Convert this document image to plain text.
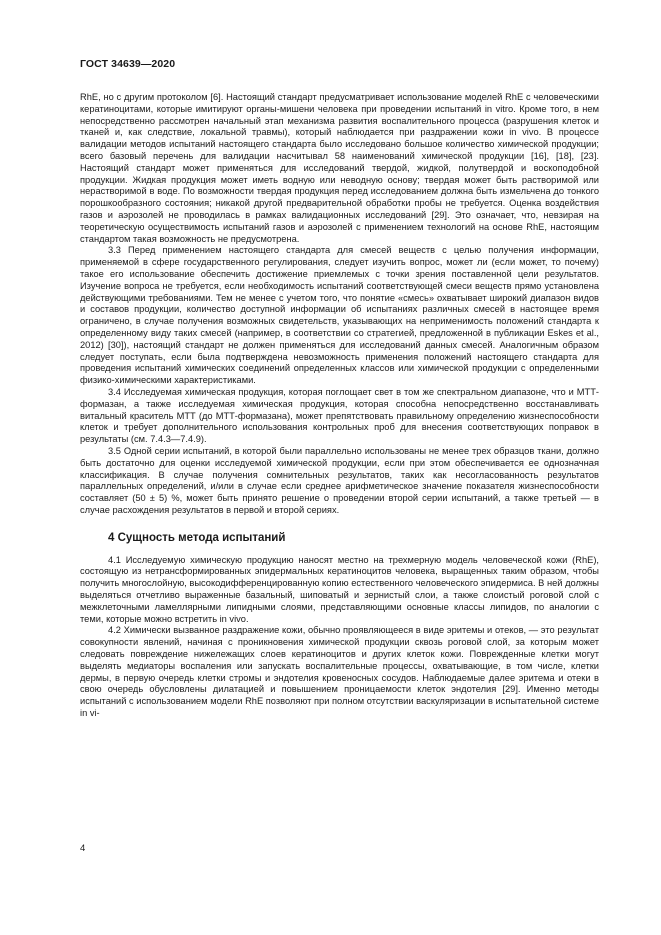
ГОСТ 34639—2020

RhE, но с другим протоколом [6]. Настоящий стандарт предусматривает использование моделей RhE с человеческими кератиноцитами, которые имитируют органы-мишени человека при проведении испытаний in vitro. Кроме того, в нем непосредственно рассмотрен начальный этап механизма развития воспалительного процесса (разрушения клеток и тканей и, как следствие, локальной травмы), который наблюдается при раздражении кожи in vivo. В процессе валидации методов испытаний настоящего стандарта было исследовано большое количество химической продукции; всего базовый перечень для валидации насчитывал 58 наименований химической продукции [16], [18], [23]. Настоящий стандарт может применяться для исследований твердой, жидкой, полутвердой и воскоподобной продукции. Жидкая продукция может иметь водную или неводную основу; твердая может быть растворимой или нерастворимой в воде. По возможности твердая продукция перед исследованием должна быть измельчена до тонкого порошкообразного состояния; никакой другой предварительной обработки пробы не требуется. Оценка воздействия газов и аэрозолей не проводилась в рамках валидационных исследований [29]. Это означает, что, невзирая на теоретическую осуществимость испытаний газов и аэрозолей с применением технологий на основе RhE, настоящим стандартом такая возможность не предусмотрена.

3.3 Перед применением настоящего стандарта для смесей веществ с целью получения информации, применяемой в сфере государственного регулирования, следует изучить вопрос, может ли (если может, то почему) такое его использование обеспечить достижение приемлемых с точки зрения поставленной цели результатов. Изучение вопроса не требуется, если необходимость испытаний соответствующей смеси веществ прямо установлена действующими требованиями. Тем не менее с учетом того, что понятие «смесь» охватывает широкий диапазон видов и составов продукции, количество доступной информации об испытаниях различных смесей в настоящее время ограничено, в случае получения возможных свидетельств, указывающих на неприменимость положений стандарта к определенному виду таких смесей (например, в соответствии со стратегией, предложенной в публикации Eskes et al., 2012) [30]), настоящий стандарт не должен применяться для исследований данных смесей. Аналогичным образом следует поступать, если была подтверждена невозможность применения положений настоящего стандарта для проведения испытаний химических соединений определенных классов или химической продукции с определенными физико-химическими характеристиками.

3.4 Исследуемая химическая продукция, которая поглощает свет в том же спектральном диапазоне, что и МТТ-формазан, а также исследуемая химическая продукция, которая способна непосредственно восстанавливать витальный краситель МТТ (до МТТ-формазана), может препятствовать правильному определению жизнеспособности клеток и требует дополнительного использования контрольных проб для внесения соответствующих поправок в результаты (см. 7.4.3—7.4.9).

3.5 Одной серии испытаний, в которой были параллельно использованы не менее трех образцов ткани, должно быть достаточно для оценки исследуемой химической продукции, если при этом обеспечивается ее однозначная классификация. В случае получения сомнительных результатов, таких как несогласованность результатов параллельных определений, и/или в случае если среднее арифметическое значение показателя жизнеспособности составляет (50 ± 5) %, может быть принято решение о проведении второй серии испытаний, а также третьей — в случае расхождения результатов в первой и второй сериях.

4 Сущность метода испытаний

4.1 Исследуемую химическую продукцию наносят местно на трехмерную модель человеческой кожи (RhE), состоящую из нетрансформированных эпидермальных кератиноцитов человека, выращенных таким образом, чтобы получить многослойную, высокодифференцированную копию естественного человеческого эпидермиса. В ней должны выделяться отчетливо выраженные базальный, шиповатый и зернистый слои, а также слоистый роговой слой с межклеточными ламеллярными липидными слоями, представляющими основные классы липидов, по аналогии с теми, которые можно встретить in vivo.

4.2 Химически вызванное раздражение кожи, обычно проявляющееся в виде эритемы и отеков, — это результат совокупности явлений, начиная с проникновения химической продукции сквозь роговой слой, за которым может следовать повреждение нижележащих слоев кератиноцитов и других клеток кожи. Поврежденные клетки могут выделять медиаторы воспаления или запускать воспалительные процессы, охватывающие, в том числе, клетки дермы, в первую очередь клетки стромы и эндотелия кровеносных сосудов. Наблюдаемые далее эритема и отеки в свою очередь обусловлены дилатацией и повышением проницаемости клеток эндотелия [29]. Именно методы испытаний с использованием модели RhE позволяют при полном отсутствии васкуляризации в испытательной системе in vi-

4
